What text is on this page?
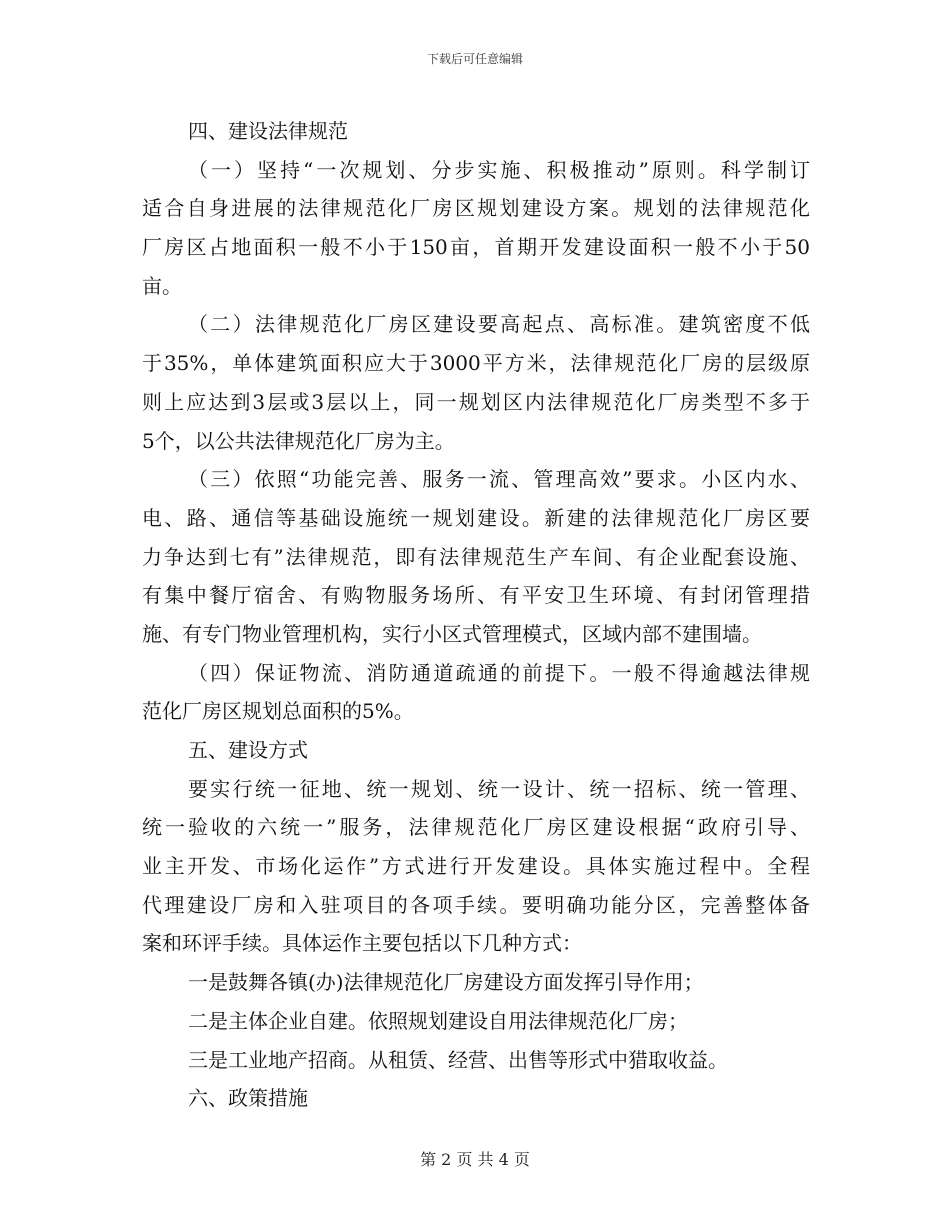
下载后可任意编辑
四、建设法律规范
（一）坚持“一次规划、分步实施、积极推动”原则。科学制订
适合自身进展的法律规范化厂房区规划建设方案。规划的法律规范化
厂房区占地面积一般不小于150亩，首期开发建设面积一般不小于50
亩。
（二）法律规范化厂房区建设要高起点、高标准。建筑密度不低
于35%，单体建筑面积应大于3000平方米，法律规范化厂房的层级原
则上应达到3层或3层以上，同一规划区内法律规范化厂房类型不多于
5个，以公共法律规范化厂房为主。
（三）依照“功能完善、服务一流、管理高效”要求。小区内水、
电、路、通信等基础设施统一规划建设。新建的法律规范化厂房区要
力争达到七有”法律规范，即有法律规范生产车间、有企业配套设施、
有集中餐厅宿舍、有购物服务场所、有平安卫生环境、有封闭管理措
施、有专门物业管理机构，实行小区式管理模式，区域内部不建围墙。
（四）保证物流、消防通道疏通的前提下。一般不得逾越法律规
范化厂房区规划总面积的5%。
五、建设方式
要实行统一征地、统一规划、统一设计、统一招标、统一管理、
统一验收的六统一”服务，法律规范化厂房区建设根据“政府引导、
业主开发、市场化运作”方式进行开发建设。具体实施过程中。全程
代理建设厂房和入驻项目的各项手续。要明确功能分区，完善整体备
案和环评手续。具体运作主要包括以下几种方式：
一是鼓舞各镇(办)法律规范化厂房建设方面发挥引导作用；
二是主体企业自建。依照规划建设自用法律规范化厂房；
三是工业地产招商。从租赁、经营、出售等形式中猎取收益。
六、政策措施
第 2 页 共 4 页
